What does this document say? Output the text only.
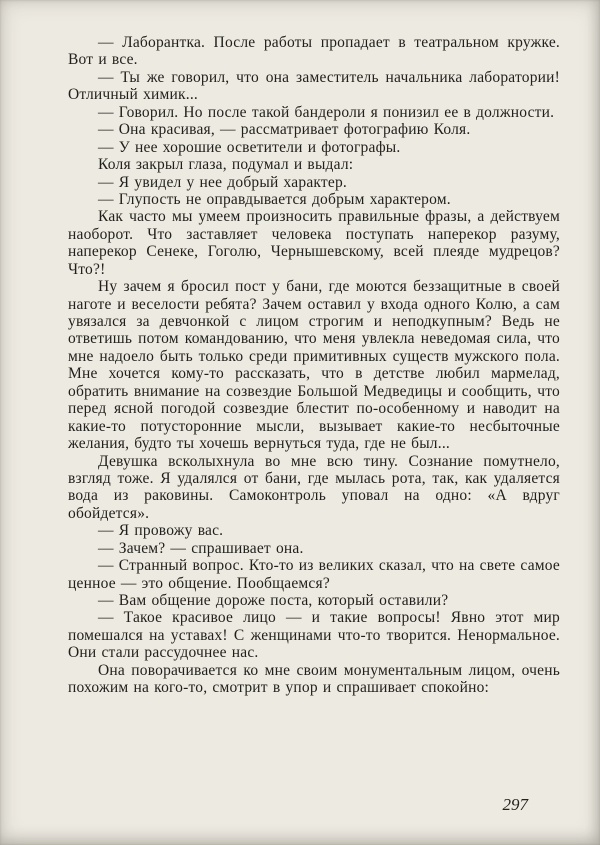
— Лаборантка. После работы пропадает в театральном кружке. Вот и все.

— Ты же говорил, что она заместитель начальника лаборатории! Отличный химик...

— Говорил. Но после такой бандероли я понизил ее в должности.

— Она красивая, — рассматривает фотографию Коля.

— У нее хорошие осветители и фотографы.

Коля закрыл глаза, подумал и выдал:

— Я увидел у нее добрый характер.

— Глупость не оправдывается добрым характером.

Как часто мы умеем произносить правильные фразы, а действуем наоборот. Что заставляет человека поступать наперекор разуму, наперекор Сенеке, Гоголю, Чернышевскому, всей плеяде мудрецов? Что?!

Ну зачем я бросил пост у бани, где моются беззащитные в своей наготе и веселости ребята? Зачем оставил у входа одного Колю, а сам увязался за девчонкой с лицом строгим и неподкупным? Ведь не ответишь потом командованию, что меня увлекла неведомая сила, что мне надоело быть только среди примитивных существ мужского пола. Мне хочется кому-то рассказать, что в детстве любил мармелад, обратить внимание на созвездие Большой Медведицы и сообщить, что перед ясной погодой созвездие блестит по-особенному и наводит на какие-то потусторонние мысли, вызывает какие-то несбыточные желания, будто ты хочешь вернуться туда, где не был...

Девушка всколыхнула во мне всю тину. Сознание помутнело, взгляд тоже. Я удалялся от бани, где мылась рота, так, как удаляется вода из раковины. Самоконтроль уповал на одно: «А вдруг обойдется».

— Я провожу вас.

— Зачем? — спрашивает она.

— Странный вопрос. Кто-то из великих сказал, что на свете самое ценное — это общение. Пообщаемся?

— Вам общение дороже поста, который оставили?

— Такое красивое лицо — и такие вопросы! Явно этот мир помешался на уставах! С женщинами что-то творится. Ненормальное. Они стали рассудочнее нас.

Она поворачивается ко мне своим монументальным лицом, очень похожим на кого-то, смотрит в упор и спрашивает спокойно:

297
